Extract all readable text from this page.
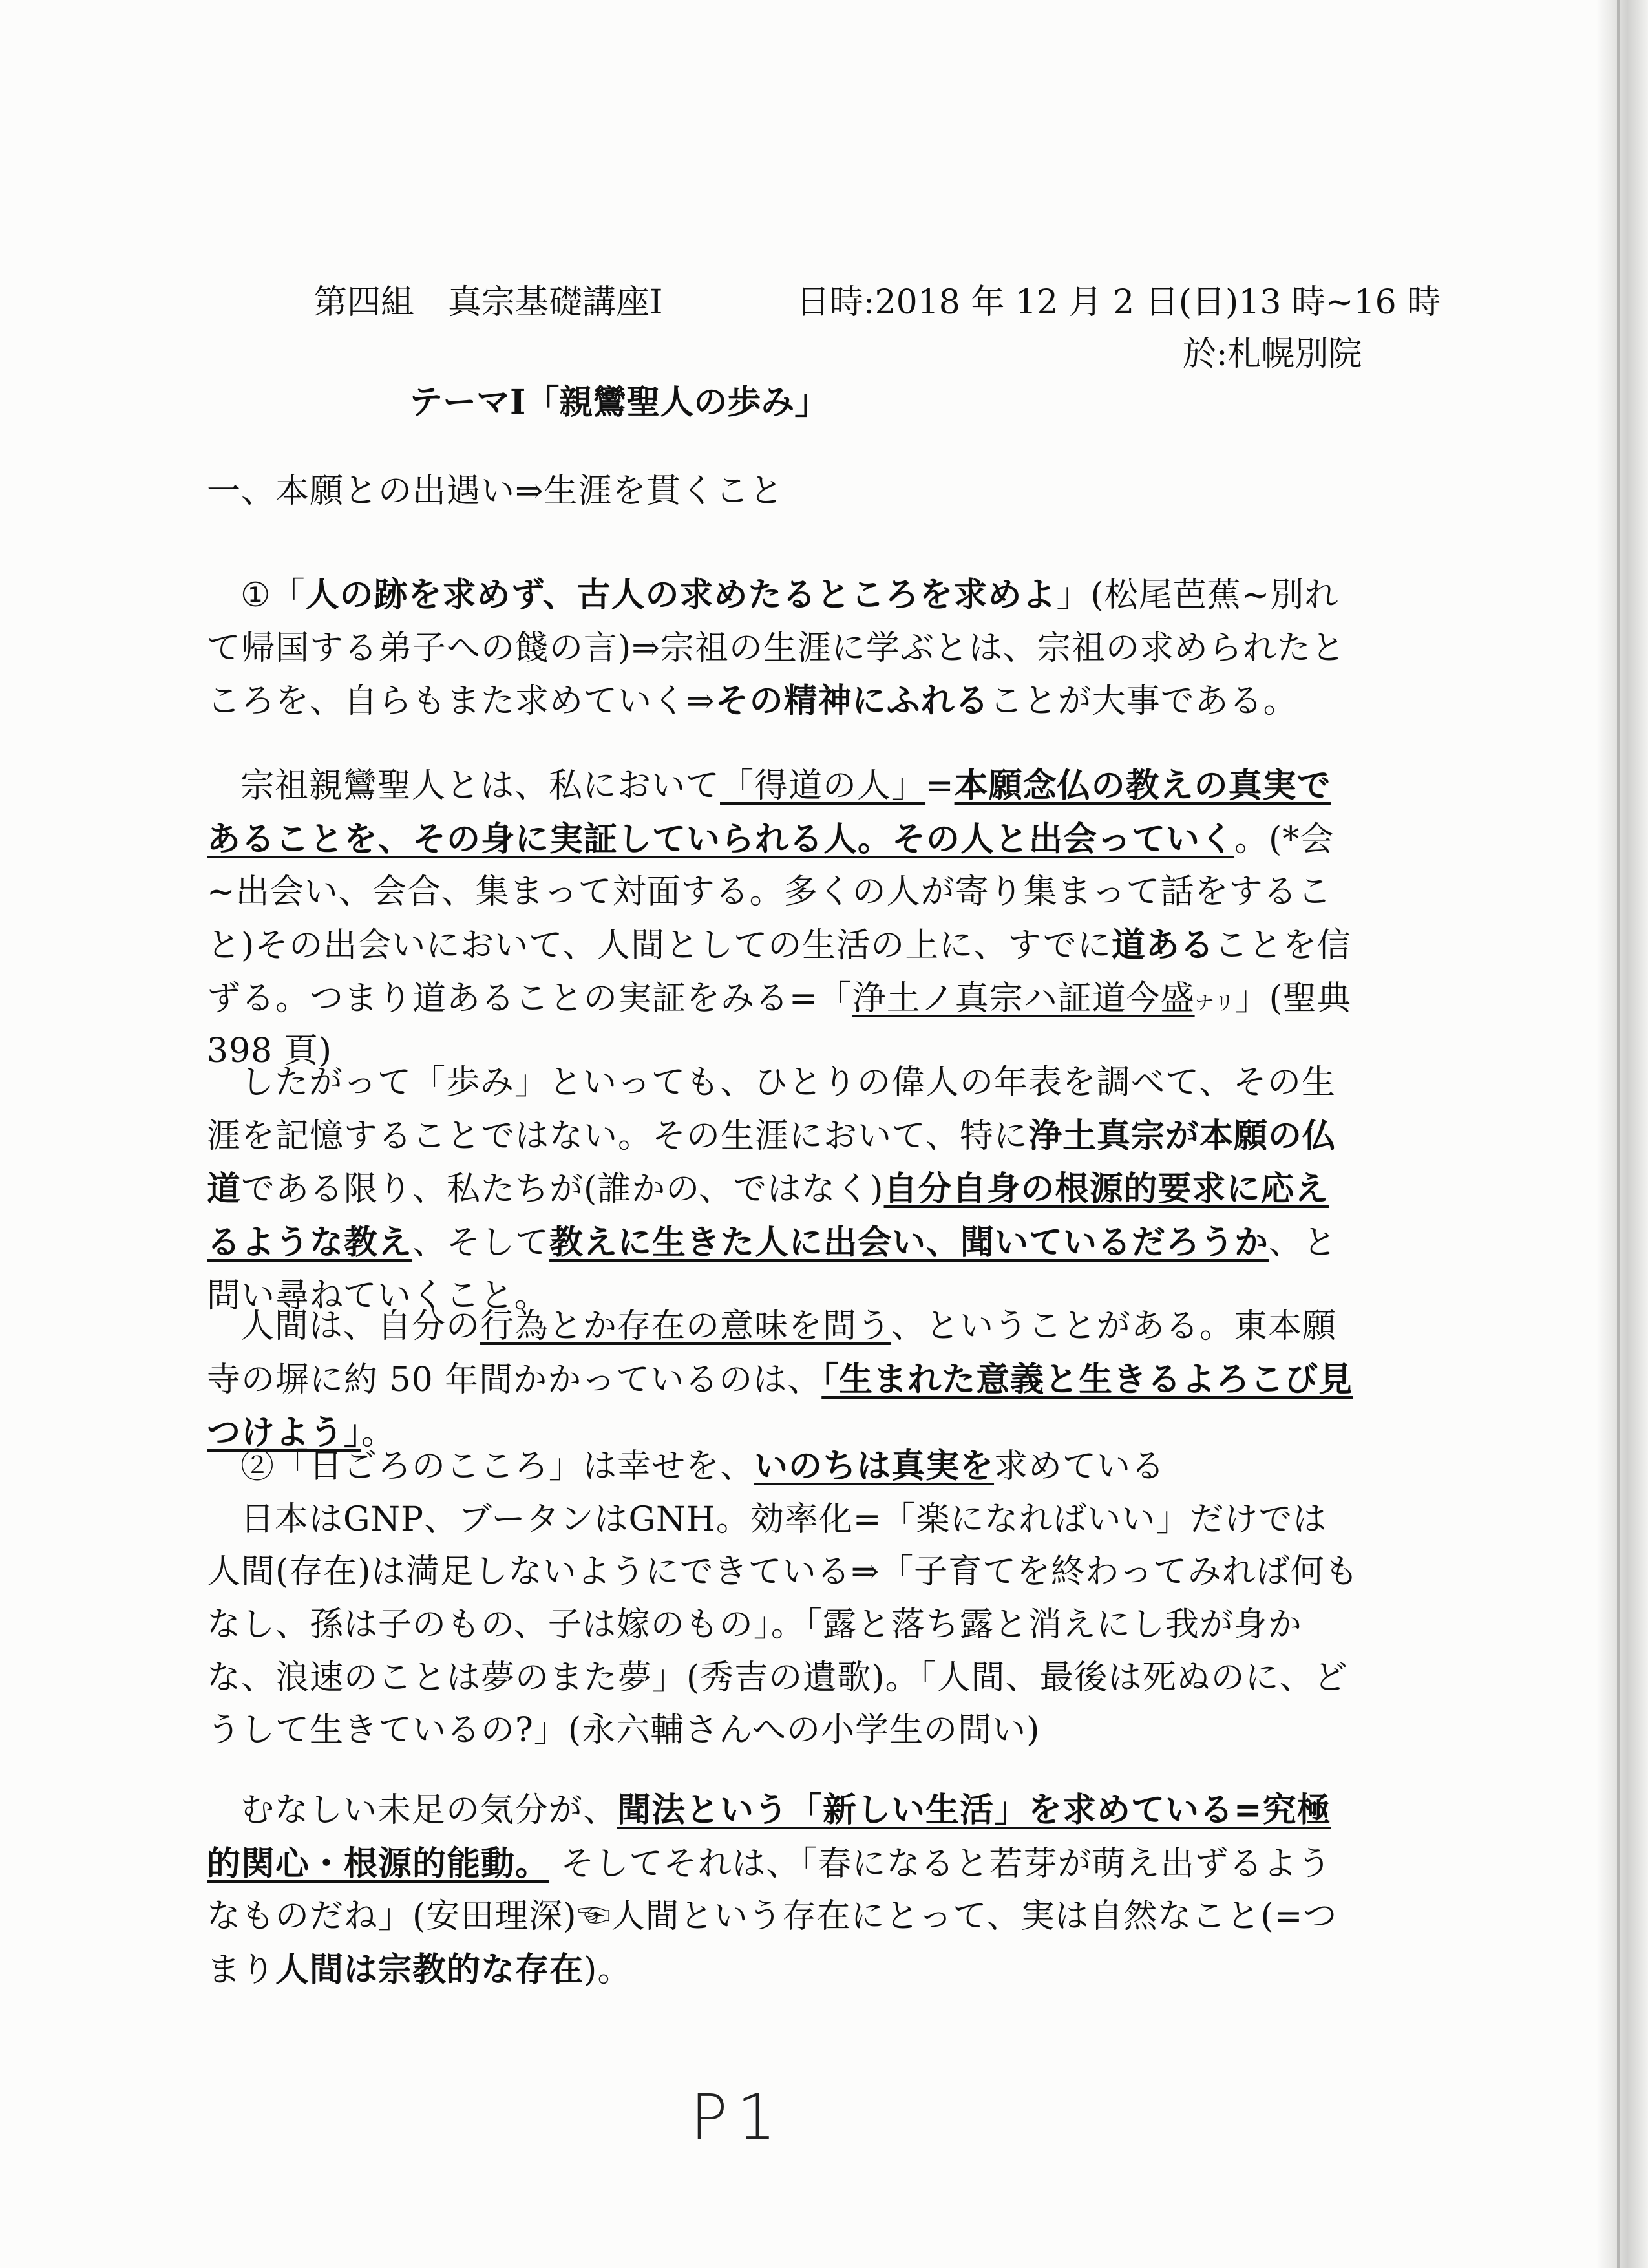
第四組　真宗基礎講座Ⅰ	日時:2018 年 12 月 2 日(日)13 時~16 時
於:札幌別院
テーマⅠ「親鸞聖人の歩み」
一、本願との出遇い⇒生涯を貫くこと
①「人の跡を求めず、古人の求めたるところを求めよ」(松尾芭蕉~別れて帰国する弟子への餞の言)⇒宗祖の生涯に学ぶとは、宗祖の求められたところを、自らもまた求めていく⇒その精神にふれることが大事である。
宗祖親鸞聖人とは、私において「得道の人」=本願念仏の教えの真実であることを、その身に実証していられる人。その人と出会っていく。(*会~出会い、会合、集まって対面する。多くの人が寄り集まって話をすること)その出会いにおいて、人間としての生活の上に、すでに道あることを信ずる。つまり道あることの実証をみる=「浄土ノ真宗ハ証道今盛ナリ」(聖典 398 頁)
したがって「歩み」といっても、ひとりの偉人の年表を調べて、その生涯を記憶することではない。その生涯において、特に浄土真宗が本願の仏道である限り、私たちが(誰かの、ではなく)自分自身の根源的要求に応えるような教え、そして教えに生きた人に出会い、聞いているだろうか、と問い尋ねていくこと。
人間は、自分の行為とか存在の意味を問う、ということがある。東本願寺の塀に約 50 年間かかっているのは、「生まれた意義と生きるよろこび見つけよう」。
②「日ごろのこころ」は幸せを、いのちは真実を求めている
日本はGNP、ブータンはGNH。効率化=「楽になればいい」だけでは人間(存在)は満足しないようにできている⇒「子育てを終わってみれば何もなし、孫は子のもの、子は嫁のもの」。「露と落ち露と消えにし我が身かな、浪速のことは夢のまた夢」(秀吉の遺歌)。「人間、最後は死ぬのに、どうして生きているの?」(永六輔さんへの小学生の問い)
むなしい未足の気分が、聞法という「新しい生活」を求めている=究極的関心・根源的能動。 そしてそれは、「春になると若芽が萌え出ずるようなものだね」(安田理深)☜人間という存在にとって、実は自然なこと(=つまり人間は宗教的な存在)。
P1
